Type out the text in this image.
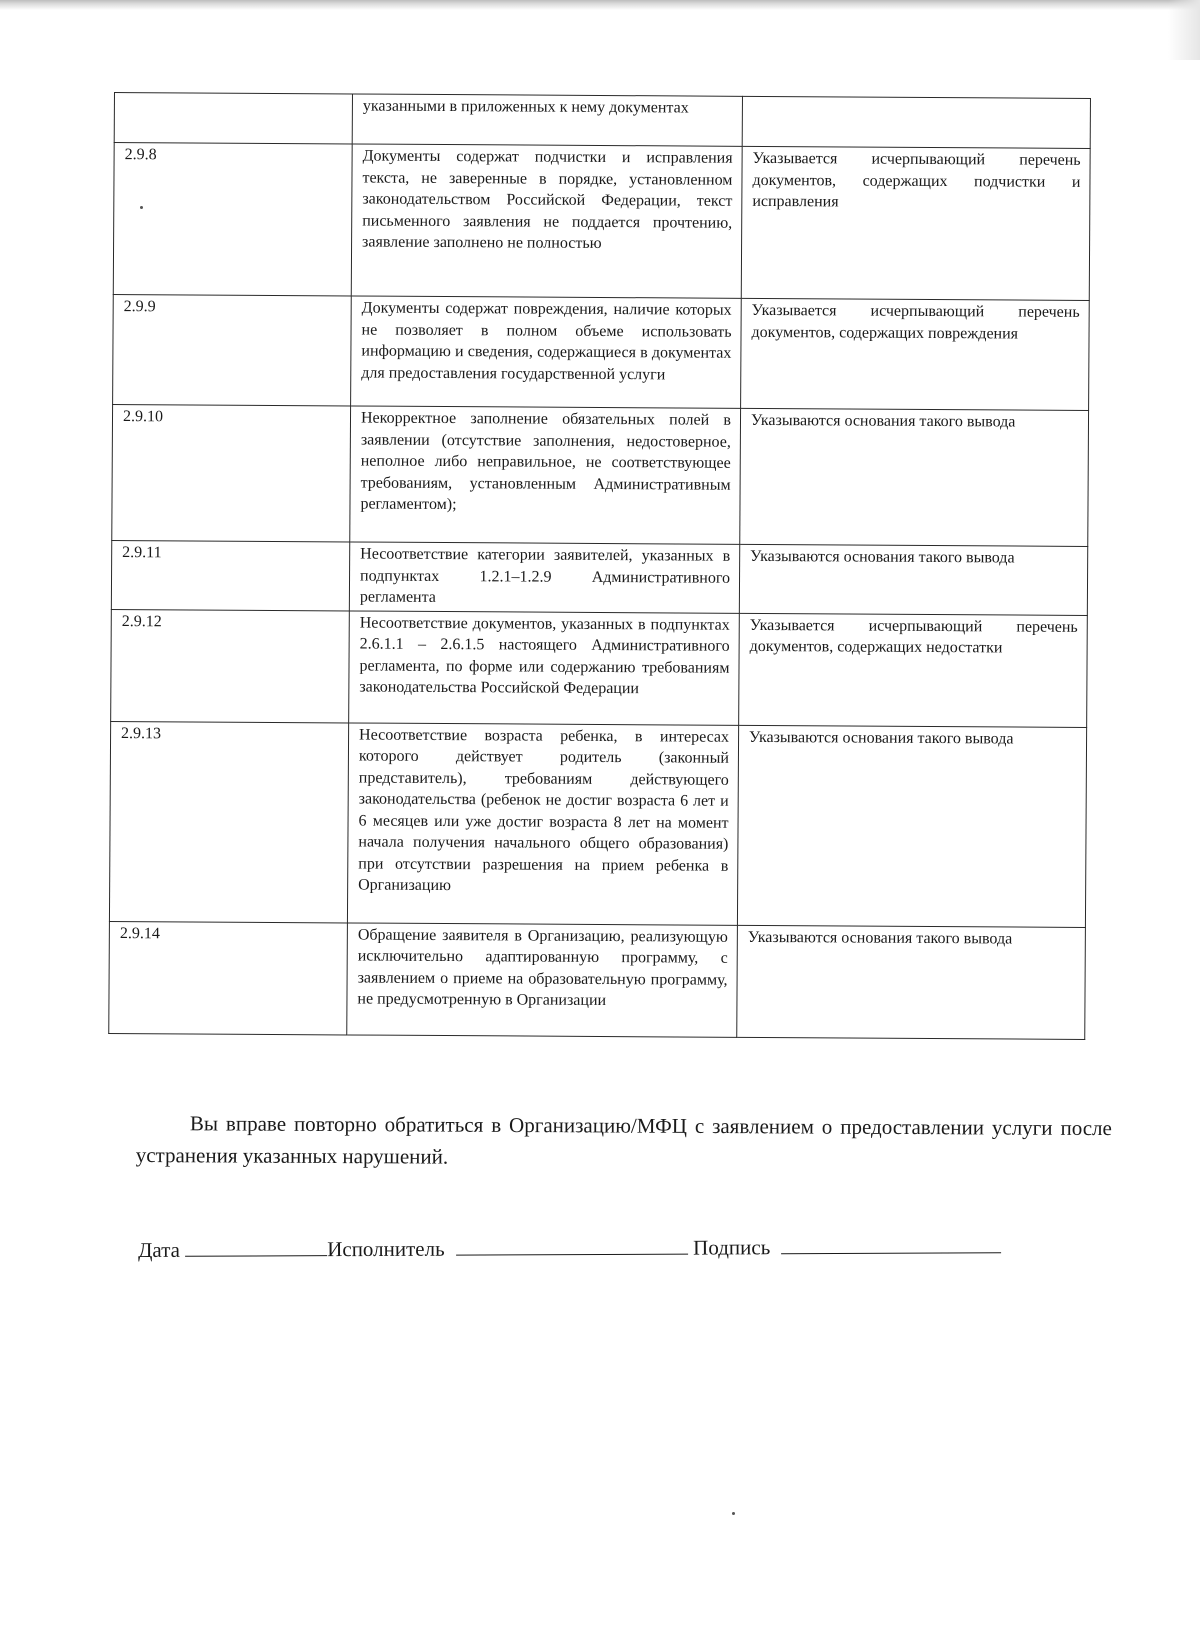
	указанными в приложенных к нему документах	
2.9.8	Документы содержат подчистки и исправления текста, не заверенные в порядке, установленном законодательством Российской Федерации, текст письменного заявления не поддается прочтению, заявление заполнено не полностью	Указывается исчерпывающий перечень документов, содержащих подчистки и исправления
2.9.9	Документы содержат повреждения, наличие которых не позволяет в полном объеме использовать информацию и сведения, содержащиеся в документах для предоставления государственной услуги	Указывается исчерпывающий перечень документов, содержащих повреждения
2.9.10	Некорректное заполнение обязательных полей в заявлении (отсутствие заполнения, недостоверное, неполное либо неправильное, не соответствующее требованиям, установленным Административным регламентом);	Указываются основания такого вывода
2.9.11	Несоответствие категории заявителей, указанных в подпунктах 1.2.1–1.2.9 Административного регламента	Указываются основания такого вывода
2.9.12	Несоответствие документов, указанных в подпунктах 2.6.1.1 – 2.6.1.5 настоящего Административного регламента, по форме или содержанию требованиям законодательства Российской Федерации	Указывается исчерпывающий перечень документов, содержащих недостатки
2.9.13	Несоответствие возраста ребенка, в интересах которого действует родитель (законный представитель), требованиям действующего законодательства (ребенок не достиг возраста 6 лет и 6 месяцев или уже достиг возраста 8 лет на момент начала получения начального общего образования) при отсутствии разрешения на прием ребенка в Организацию	Указываются основания такого вывода
2.9.14	Обращение заявителя в Организацию, реализующую исключительно адаптированную программу, с заявлением о приеме на образовательную программу, не предусмотренную в Организации	Указываются основания такого вывода

Вы вправе повторно обратиться в Организацию/МФЦ с заявлением о предоставлении услуги после устранения указанных нарушений.

Дата	Исполнитель	Подпись
